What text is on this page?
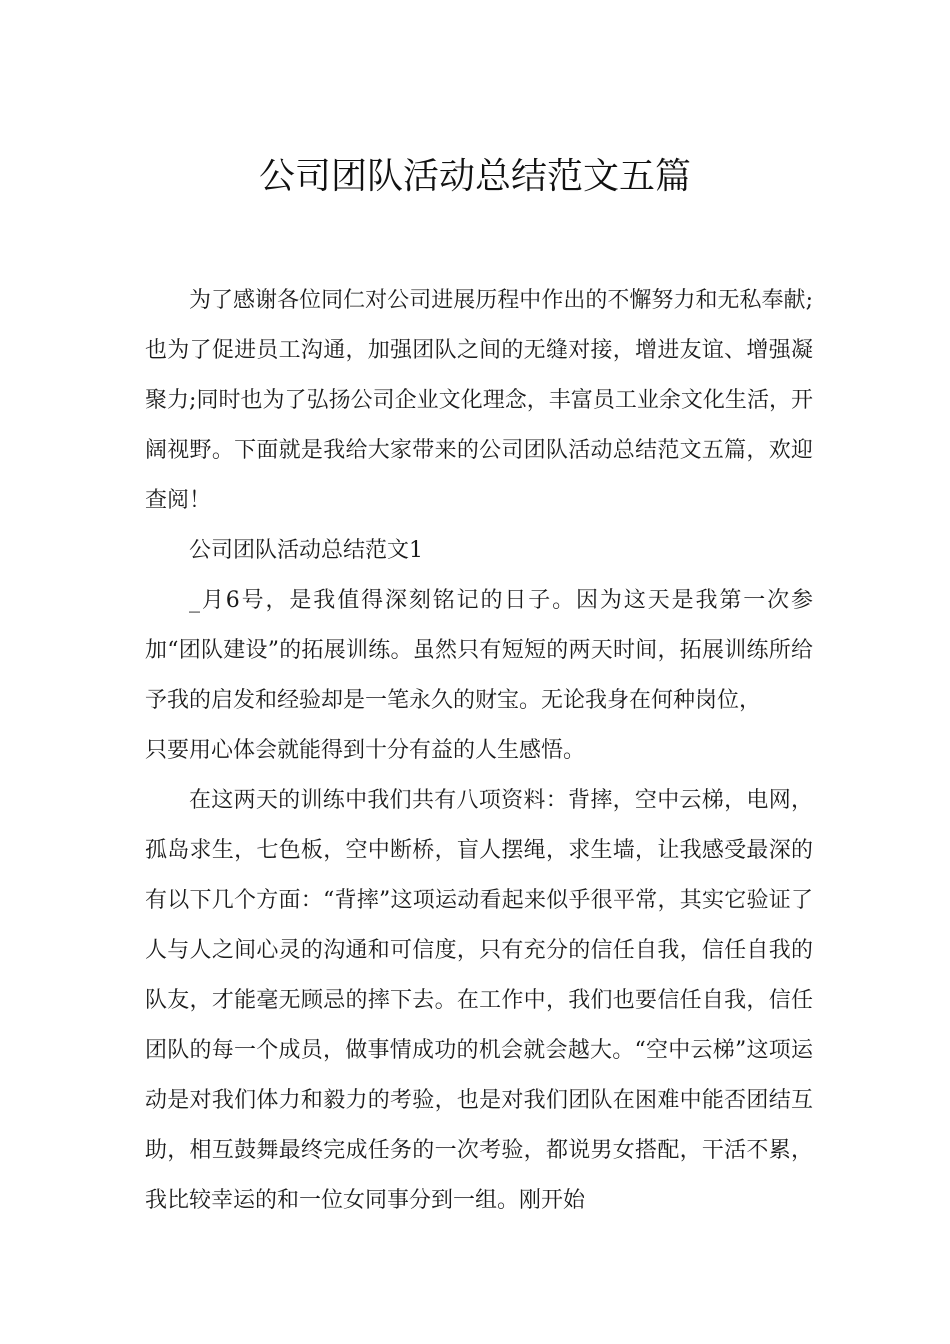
公司团队活动总结范文五篇

为了感谢各位同仁对公司进展历程中作出的不懈努力和无私奉献;也为了促进员工沟通，加强团队之间的无缝对接，增进友谊、增强凝聚力;同时也为了弘扬公司企业文化理念，丰富员工业余文化生活，开阔视野。下面就是我给大家带来的公司团队活动总结范文五篇，欢迎查阅！

公司团队活动总结范文1

_月6号，是我值得深刻铭记的日子。因为这天是我第一次参加“团队建设”的拓展训练。虽然只有短短的两天时间，拓展训练所给予我的启发和经验却是一笔永久的财宝。无论我身在何种岗位，

只要用心体会就能得到十分有益的人生感悟。

在这两天的训练中我们共有八项资料：背摔，空中云梯，电网，孤岛求生，七色板，空中断桥，盲人摆绳，求生墙，让我感受最深的有以下几个方面：“背摔”这项运动看起来似乎很平常，其实它验证了人与人之间心灵的沟通和可信度，只有充分的信任自我，信任自我的队友，才能毫无顾忌的摔下去。在工作中，我们也要信任自我，信任团队的每一个成员，做事情成功的机会就会越大。“空中云梯”这项运动是对我们体力和毅力的考验，也是对我们团队在困难中能否团结互助，相互鼓舞最终完成任务的一次考验，都说男女搭配，干活不累，我比较幸运的和一位女同事分到一组。刚开始
